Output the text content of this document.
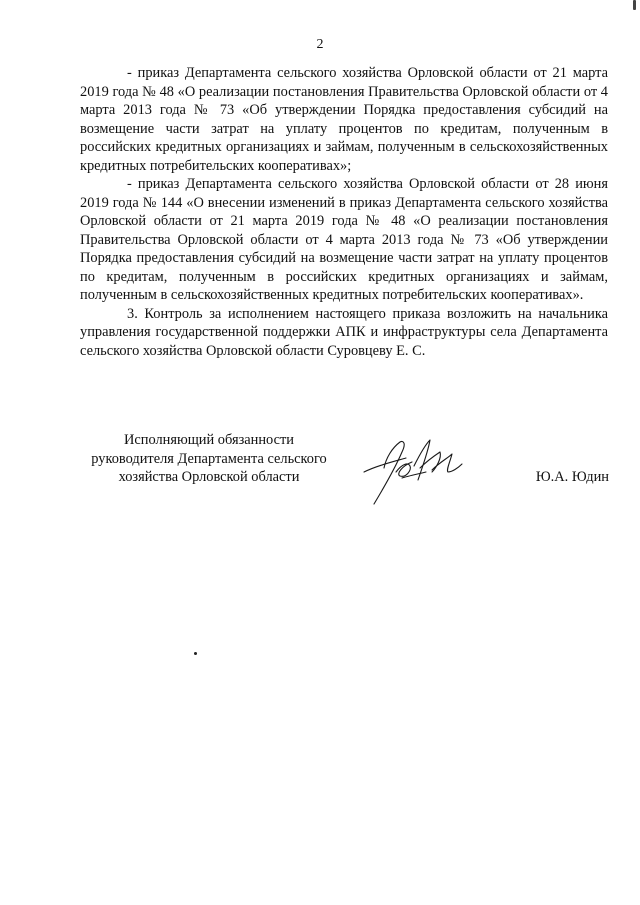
2

- приказ Департамента сельского хозяйства Орловской области от 21 марта 2019 года № 48 «О реализации постановления Правительства Орловской области от 4 марта 2013 года № 73 «Об утверждении Порядка предоставления субсидий на возмещение части затрат на уплату процентов по кредитам, полученным в российских кредитных организациях и займам, полученным в сельскохозяйственных кредитных потребительских кооперативах»;

- приказ Департамента сельского хозяйства Орловской области от 28 июня 2019 года № 144 «О внесении изменений в приказ Департамента сельского хозяйства Орловской области от 21 марта 2019 года № 48 «О реализации постановления Правительства Орловской области от 4 марта 2013 года № 73 «Об утверждении Порядка предоставления субсидий на возмещение части затрат на уплату процентов по кредитам, полученным в российских кредитных организациях и займам, полученным в сельскохозяйственных кредитных потребительских кооперативах».

3. Контроль за исполнением настоящего приказа возложить на начальника управления государственной поддержки АПК и инфраструктуры села Департамента сельского хозяйства Орловской области Суровцеву Е. С.

Исполняющий обязанности
руководителя Департамента сельского
хозяйства Орловской области	Ю.А. Юдин
